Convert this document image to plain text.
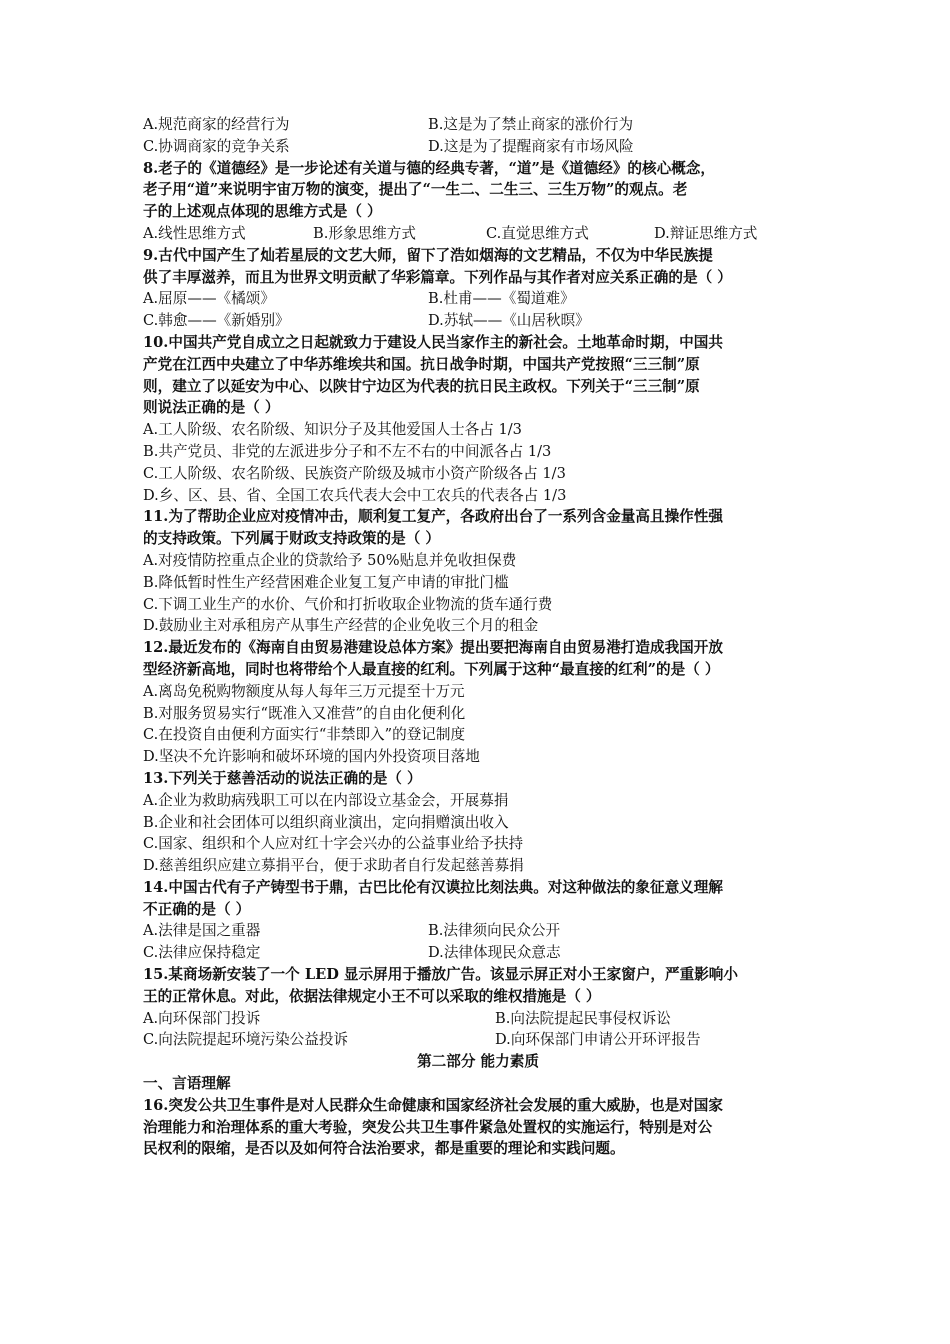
A.规范商家的经营行为	B.这是为了禁止商家的涨价行为
C.协调商家的竞争关系	D.这是为了提醒商家有市场风险
8.老子的《道德经》是一步论述有关道与德的经典专著，“道”是《道德经》的核心概念，
老子用“道”来说明宇宙万物的演变，提出了“一生二、二生三、三生万物”的观点。老
子的上述观点体现的思维方式是（ ）
A.线性思维方式	B.形象思维方式	C.直觉思维方式	D.辩证思维方式
9.古代中国产生了灿若星辰的文艺大师，留下了浩如烟海的文艺精品，不仅为中华民族提
供了丰厚滋养，而且为世界文明贡献了华彩篇章。下列作品与其作者对应关系正确的是（ ）
A.屈原——《橘颂》	B.杜甫——《蜀道难》
C.韩愈——《新婚别》	D.苏轼——《山居秋暝》
10.中国共产党自成立之日起就致力于建设人民当家作主的新社会。土地革命时期，中国共
产党在江西中央建立了中华苏维埃共和国。抗日战争时期，中国共产党按照“三三制”原
则，建立了以延安为中心、以陕甘宁边区为代表的抗日民主政权。下列关于“三三制”原
则说法正确的是（ ）
A.工人阶级、农名阶级、知识分子及其他爱国人士各占 1/3
B.共产党员、非党的左派进步分子和不左不右的中间派各占 1/3
C.工人阶级、农名阶级、民族资产阶级及城市小资产阶级各占 1/3
D.乡、区、县、省、全国工农兵代表大会中工农兵的代表各占 1/3
11.为了帮助企业应对疫情冲击，顺利复工复产，各政府出台了一系列含金量高且操作性强
的支持政策。下列属于财政支持政策的是（ ）
A.对疫情防控重点企业的贷款给予 50%贴息并免收担保费
B.降低暂时性生产经营困难企业复工复产申请的审批门槛
C.下调工业生产的水价、气价和打折收取企业物流的货车通行费
D.鼓励业主对承租房产从事生产经营的企业免收三个月的租金
12.最近发布的《海南自由贸易港建设总体方案》提出要把海南自由贸易港打造成我国开放
型经济新高地，同时也将带给个人最直接的红利。下列属于这种“最直接的红利”的是（ ）
A.离岛免税购物额度从每人每年三万元提至十万元
B.对服务贸易实行“既准入又准营”的自由化便利化
C.在投资自由便利方面实行“非禁即入”的登记制度
D.坚决不允许影响和破坏环境的国内外投资项目落地
13.下列关于慈善活动的说法正确的是（ ）
A.企业为救助病残职工可以在内部设立基金会，开展募捐
B.企业和社会团体可以组织商业演出，定向捐赠演出收入
C.国家、组织和个人应对红十字会兴办的公益事业给予扶持
D.慈善组织应建立募捐平台，便于求助者自行发起慈善募捐
14.中国古代有子产铸型书于鼎，古巴比伦有汉谟拉比刻法典。对这种做法的象征意义理解
不正确的是（ ）
A.法律是国之重器	B.法律须向民众公开
C.法律应保持稳定	D.法律体现民众意志
15.某商场新安装了一个 LED 显示屏用于播放广告。该显示屏正对小王家窗户，严重影响小
王的正常休息。对此，依据法律规定小王不可以采取的维权措施是（ ）
A.向环保部门投诉	B.向法院提起民事侵权诉讼
C.向法院提起环境污染公益投诉	D.向环保部门申请公开环评报告
第二部分 能力素质
一、言语理解
16.突发公共卫生事件是对人民群众生命健康和国家经济社会发展的重大威胁，也是对国家
治理能力和治理体系的重大考验，突发公共卫生事件紧急处置权的实施运行，特别是对公
民权利的限缩，是否以及如何符合法治要求，都是重要的理论和实践问题。
